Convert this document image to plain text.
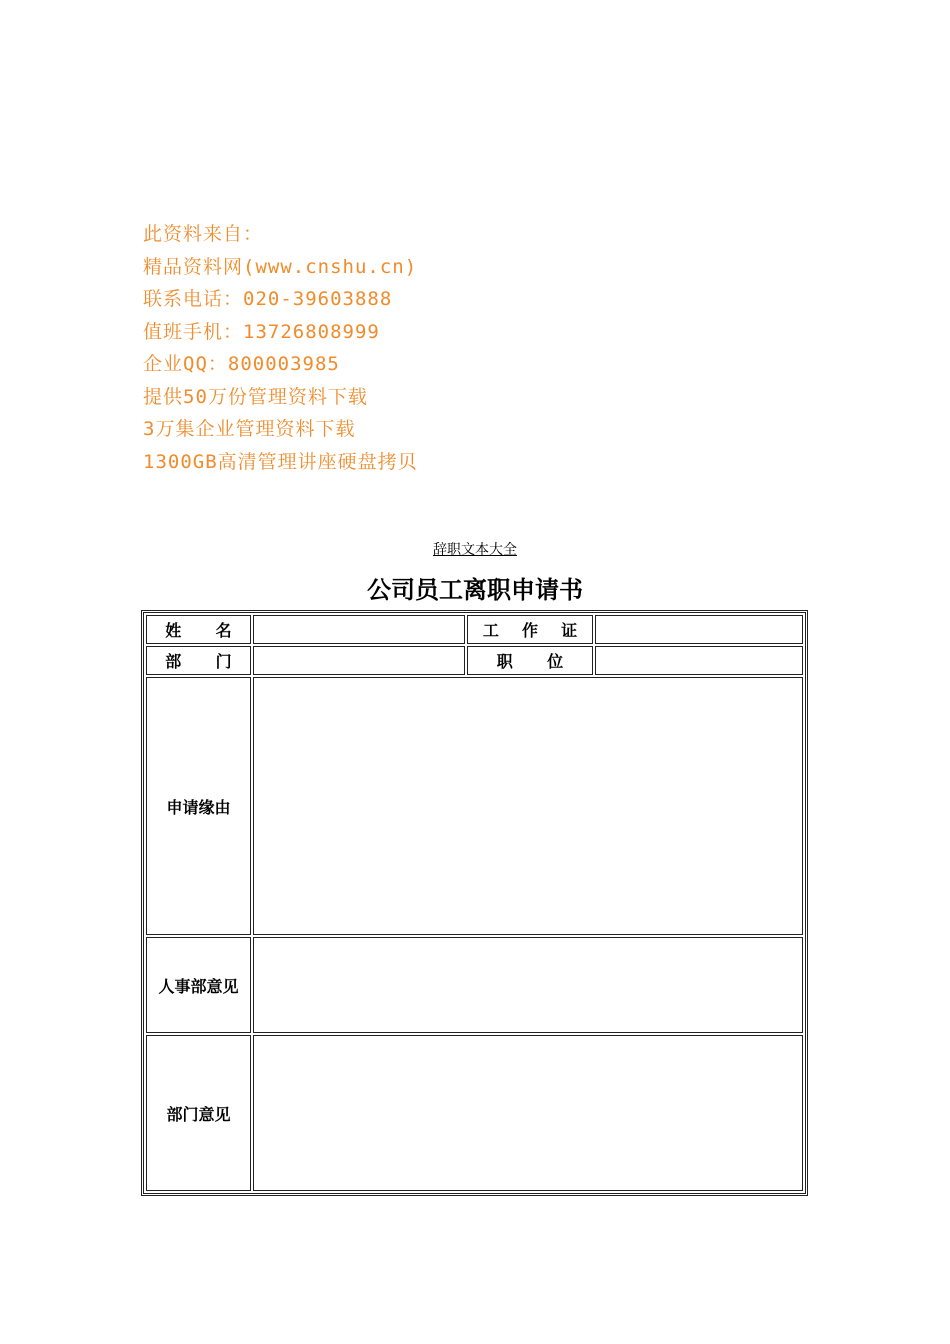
此资料来自：
精品资料网(www.cnshu.cn)
联系电话：020-39603888
值班手机：13726808999
企业QQ：800003985
提供50万份管理资料下载
3万集企业管理资料下载
1300GB高清管理讲座硬盘拷贝
辞职文本大全
公司员工离职申请书
姓 名		工 作 证	
部 门		职 位	
申请缘由			
人事部意见			
部门意见			
